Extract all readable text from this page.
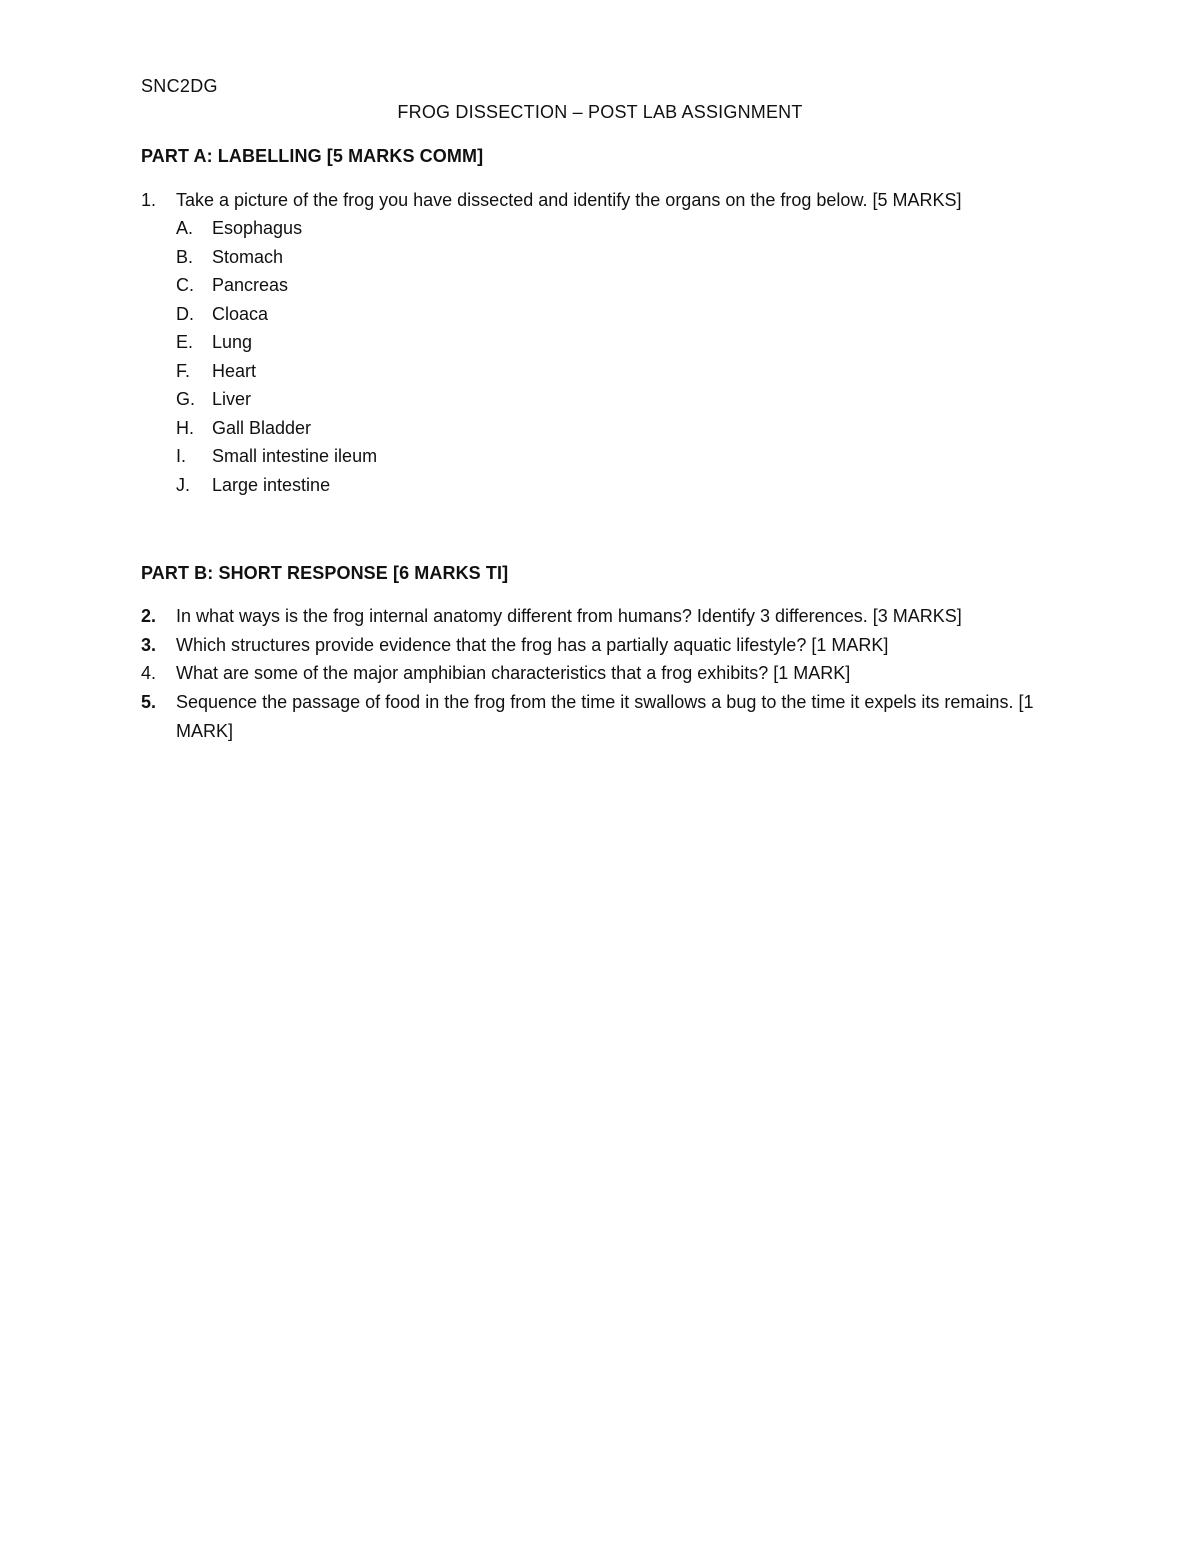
SNC2DG
FROG DISSECTION – POST LAB ASSIGNMENT
PART A: LABELLING [5 MARKS COMM]
1.	Take a picture of the frog you have dissected and identify the organs on the frog below. [5 MARKS]
A.	Esophagus
B.	Stomach
C.	Pancreas
D.	Cloaca
E.	Lung
F.	Heart
G. Liver
H.	Gall Bladder
I.	Small intestine ileum
J.	Large intestine
PART B: SHORT RESPONSE [6 MARKS TI]
2.	In what ways is the frog internal anatomy different from humans? Identify 3 differences. [3 MARKS]
3.	Which structures provide evidence that the frog has a partially aquatic lifestyle? [1 MARK]
4.	What are some of the major amphibian characteristics that a frog exhibits? [1 MARK]
5.	Sequence the passage of food in the frog from the time it swallows a bug to the time it expels its remains. [1 MARK]
